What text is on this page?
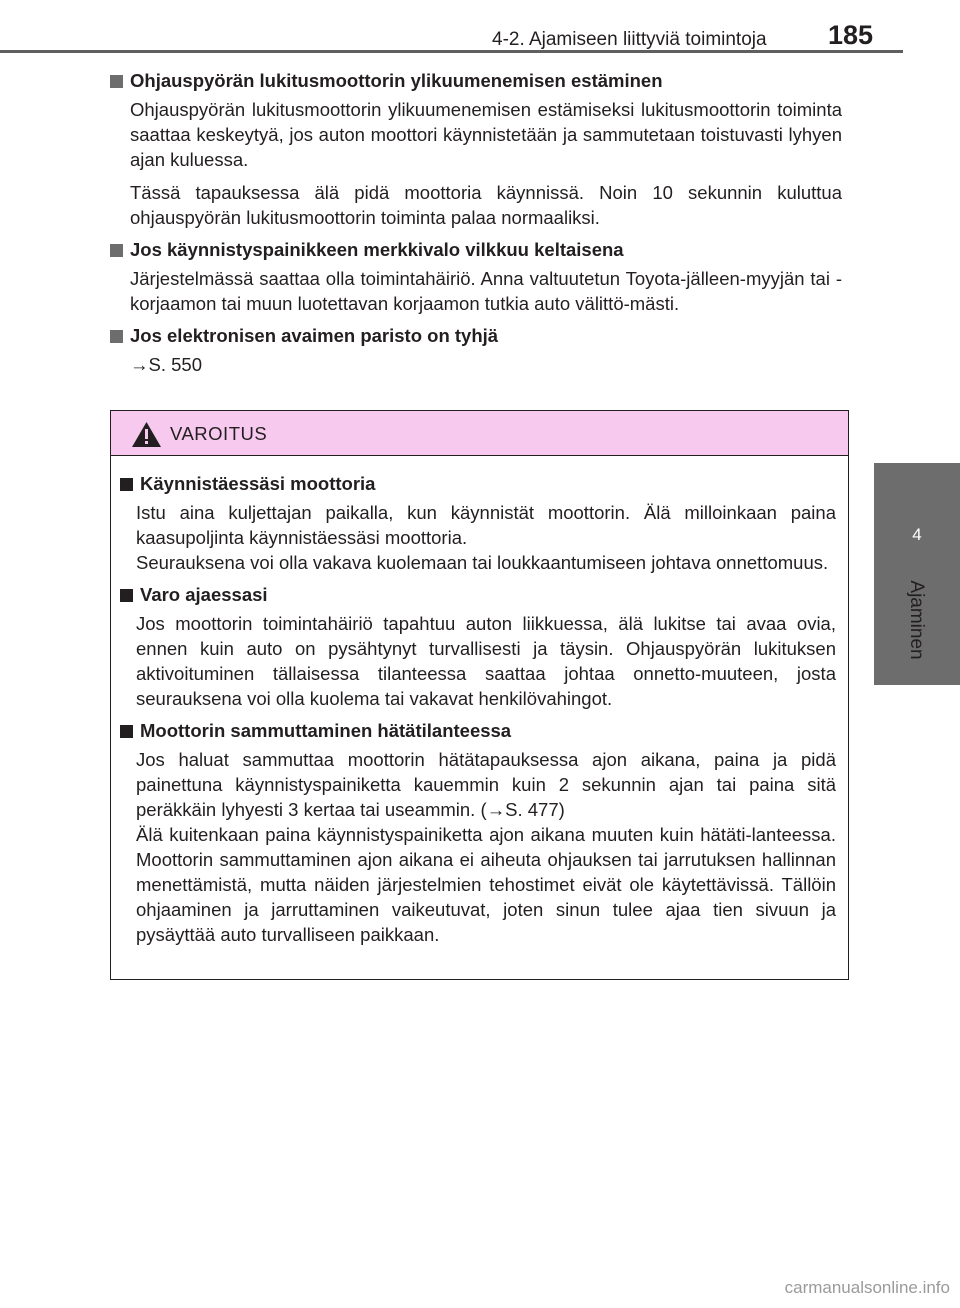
4-2. Ajamiseen liittyviä toimintoja 185
4
Ajaminen
Ohjauspyörän lukitusmoottorin ylikuumenemisen estäminen

Ohjauspyörän lukitusmoottorin ylikuumenemisen estämiseksi lukitusmoottorin toiminta saattaa keskeytyä, jos auton moottori käynnistetään ja sammutetaan toistuvasti lyhyen ajan kuluessa.

Tässä tapauksessa älä pidä moottoria käynnissä. Noin 10 sekunnin kuluttua ohjauspyörän lukitusmoottorin toiminta palaa normaaliksi.

Jos käynnistyspainikkeen merkkivalo vilkkuu keltaisena

Järjestelmässä saattaa olla toimintahäiriö. Anna valtuutetun Toyota-jälleen-myyjän tai -korjaamon tai muun luotettavan korjaamon tutkia auto välittö-mästi.

Jos elektronisen avaimen paristo on tyhjä

→S. 550

VAROITUS
Käynnistäessäsi moottoria

Istu aina kuljettajan paikalla, kun käynnistät moottorin. Älä milloinkaan paina kaasupoljinta käynnistäessäsi moottoria.

Seurauksena voi olla vakava kuolemaan tai loukkaantumiseen johtava onnettomuus.

Varo ajaessasi

Jos moottorin toimintahäiriö tapahtuu auton liikkuessa, älä lukitse tai avaa ovia, ennen kuin auto on pysähtynyt turvallisesti ja täysin. Ohjauspyörän lukituksen aktivoituminen tällaisessa tilanteessa saattaa johtaa onnetto-muuteen, josta seurauksena voi olla kuolema tai vakavat henkilövahingot.

Moottorin sammuttaminen hätätilanteessa

Jos haluat sammuttaa moottorin hätätapauksessa ajon aikana, paina ja pidä painettuna käynnistyspainiketta kauemmin kuin 2 sekunnin ajan tai paina sitä peräkkäin lyhyesti 3 kertaa tai useammin. (→S. 477)

Älä kuitenkaan paina käynnistyspainiketta ajon aikana muuten kuin hätäti-lanteessa. Moottorin sammuttaminen ajon aikana ei aiheuta ohjauksen tai jarrutuksen hallinnan menettämistä, mutta näiden järjestelmien tehostimet eivät ole käytettävissä. Tällöin ohjaaminen ja jarruttaminen vaikeutuvat, joten sinun tulee ajaa tien sivuun ja pysäyttää auto turvalliseen paikkaan.

carmanualsonline.info
